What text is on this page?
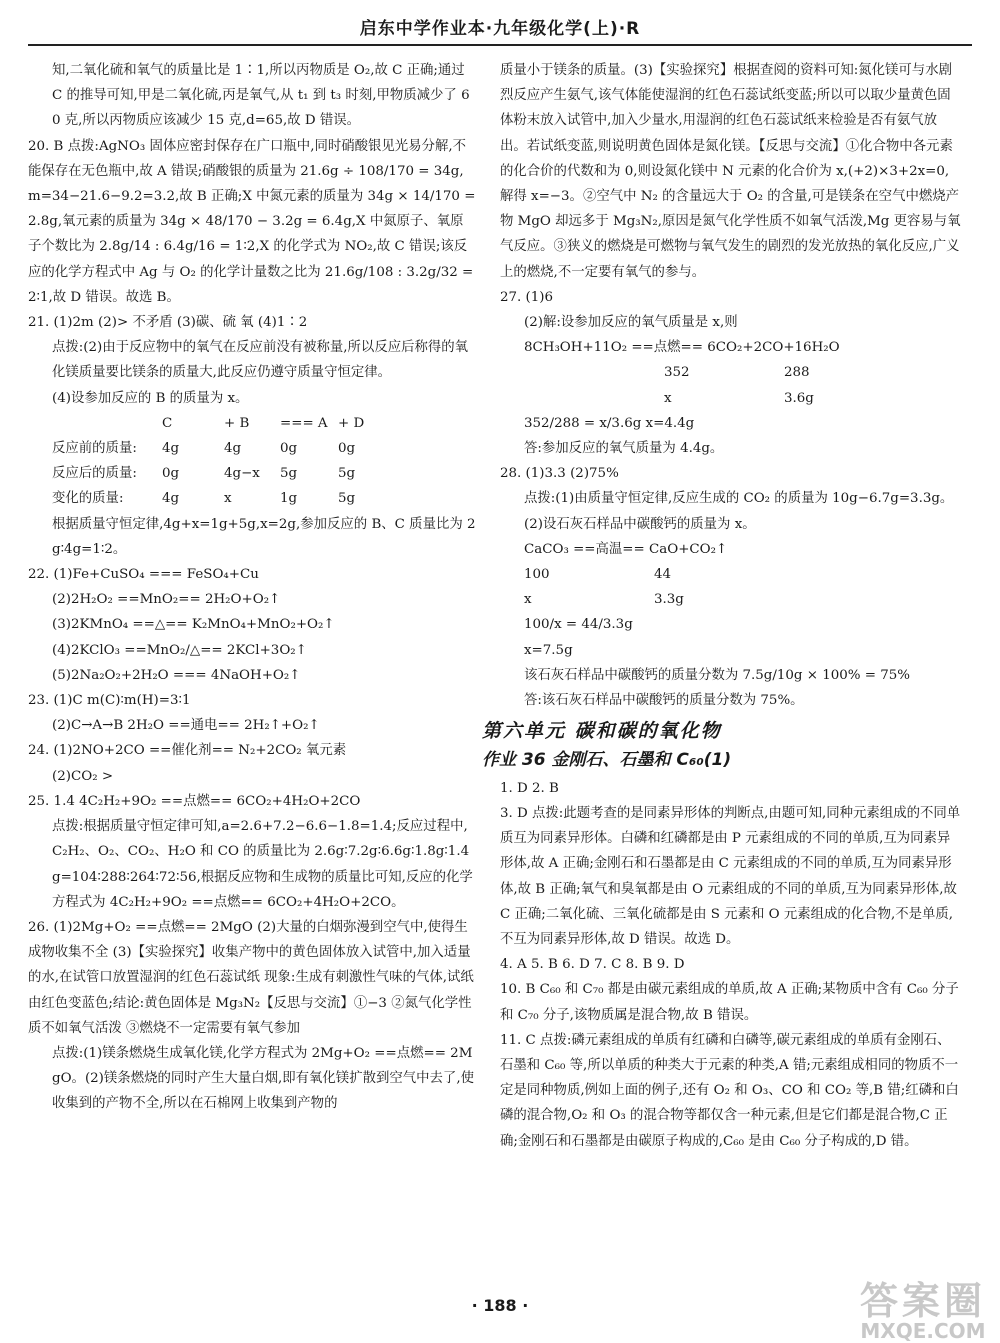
启东中学作业本·九年级化学(上)·R

知,二氧化硫和氧气的质量比是 1∶1,所以丙物质是 O₂,故 C 正确;通过 C 的推导可知,甲是二氧化硫,丙是氧气,从 t₁ 到 t₃ 时刻,甲物质减少了 60 克,所以丙物质应该减少 15 克,d=65,故 D 错误。

20. B 点拨:AgNO₃ 固体应密封保存在广口瓶中,同时硝酸银见光易分解,不能保存在无色瓶中,故 A 错误;硝酸银的质量为 21.6g ÷ 108/170 = 34g,m=34−21.6−9.2=3.2,故 B 正确;X 中氮元素的质量为 34g × 14/170 = 2.8g,氧元素的质量为 34g × 48/170 − 3.2g = 6.4g,X 中氮原子、氧原子个数比为 2.8g/14 : 6.4g/16 = 1∶2,X 的化学式为 NO₂,故 C 错误;该反应的化学方程式中 Ag 与 O₂ 的化学计量数之比为 21.6g/108 : 3.2g/32 = 2∶1,故 D 错误。故选 B。

21. (1)2m (2)> 不矛盾 (3)碳、硫 氧 (4)1∶2

点拨:(2)由于反应物中的氧气在反应前没有被称量,所以反应后称得的氧化镁质量要比镁条的质量大,此反应仍遵守质量守恒定律。

(4)设参加反应的 B 的质量为 x。

C	+ B	=== A + D
反应前的质量:	4g	4g	0g	0g
反应后的质量:	0g	4g−x	5g	5g
变化的质量:	4g	x	1g	5g

根据质量守恒定律,4g+x=1g+5g,x=2g,参加反应的 B、C 质量比为 2g∶4g=1∶2。

22. (1)Fe+CuSO₄ === FeSO₄+Cu

(2)2H₂O₂ ==MnO₂== 2H₂O+O₂↑

(3)2KMnO₄ ==△== K₂MnO₄+MnO₂+O₂↑

(4)2KClO₃ ==MnO₂/△== 2KCl+3O₂↑

(5)2Na₂O₂+2H₂O === 4NaOH+O₂↑

23. (1)C m(C)∶m(H)=3∶1

(2)C→A→B 2H₂O ==通电== 2H₂↑+O₂↑

24. (1)2NO+2CO ==催化剂== N₂+2CO₂ 氧元素

(2)CO₂ >

25. 1.4 4C₂H₂+9O₂ ==点燃== 6CO₂+4H₂O+2CO

点拨:根据质量守恒定律可知,a=2.6+7.2−6.6−1.8=1.4;反应过程中,C₂H₂、O₂、CO₂、H₂O 和 CO 的质量比为 2.6g∶7.2g∶6.6g∶1.8g∶1.4g=104∶288∶264∶72∶56,根据反应物和生成物的质量比可知,反应的化学方程式为 4C₂H₂+9O₂ ==点燃== 6CO₂+4H₂O+2CO。

26. (1)2Mg+O₂ ==点燃== 2MgO (2)大量的白烟弥漫到空气中,使得生成物收集不全 (3)【实验探究】收集产物中的黄色固体放入试管中,加入适量的水,在试管口放置湿润的红色石蕊试纸 现象:生成有刺激性气味的气体,试纸由红色变蓝色;结论:黄色固体是 Mg₃N₂【反思与交流】①−3 ②氮气化学性质不如氧气活泼 ③燃烧不一定需要有氧气参加

点拨:(1)镁条燃烧生成氧化镁,化学方程式为 2Mg+O₂ ==点燃== 2MgO。(2)镁条燃烧的同时产生大量白烟,即有氧化镁扩散到空气中去了,使收集到的产物不全,所以在石棉网上收集到产物的

质量小于镁条的质量。(3)【实验探究】根据查阅的资料可知:氮化镁可与水剧烈反应产生氨气,该气体能使湿润的红色石蕊试纸变蓝;所以可以取少量黄色固体粉末放入试管中,加入少量水,用湿润的红色石蕊试纸来检验是否有氨气放出。若试纸变蓝,则说明黄色固体是氮化镁。【反思与交流】①化合物中各元素的化合价的代数和为 0,则设氮化镁中 N 元素的化合价为 x,(+2)×3+2x=0,解得 x=−3。②空气中 N₂ 的含量远大于 O₂ 的含量,可是镁条在空气中燃烧产物 MgO 却远多于 Mg₃N₂,原因是氮气化学性质不如氧气活泼,Mg 更容易与氧气反应。③狭义的燃烧是可燃物与氧气发生的剧烈的发光放热的氧化反应,广义上的燃烧,不一定要有氧气的参与。

27. (1)6

(2)解:设参加反应的氧气质量是 x,则

8CH₃OH+11O₂ ==点燃== 6CO₂+2CO+16H₂O

352	288
x	3.6g

352/288 = x/3.6g x=4.4g

答:参加反应的氧气质量为 4.4g。

28. (1)3.3 (2)75%

点拨:(1)由质量守恒定律,反应生成的 CO₂ 的质量为 10g−6.7g=3.3g。

(2)设石灰石样品中碳酸钙的质量为 x。

CaCO₃ ==高温== CaO+CO₂↑

100	44
x	3.3g

100/x = 44/3.3g

x=7.5g

该石灰石样品中碳酸钙的质量分数为 7.5g/10g × 100% = 75%

答:该石灰石样品中碳酸钙的质量分数为 75%。

第六单元 碳和碳的氧化物
作业 36 金刚石、石墨和 C₆₀(1)

1. D 2. B

3. D 点拨:此题考查的是同素异形体的判断点,由题可知,同种元素组成的不同单质互为同素异形体。白磷和红磷都是由 P 元素组成的不同的单质,互为同素异形体,故 A 正确;金刚石和石墨都是由 C 元素组成的不同的单质,互为同素异形体,故 B 正确;氧气和臭氧都是由 O 元素组成的不同的单质,互为同素异形体,故 C 正确;二氧化硫、三氧化硫都是由 S 元素和 O 元素组成的化合物,不是单质,不互为同素异形体,故 D 错误。故选 D。

4. A 5. B 6. D 7. C 8. B 9. D

10. B C₆₀ 和 C₇₀ 都是由碳元素组成的单质,故 A 正确;某物质中含有 C₆₀ 分子和 C₇₀ 分子,该物质属是混合物,故 B 错误。

11. C 点拨:磷元素组成的单质有红磷和白磷等,碳元素组成的单质有金刚石、石墨和 C₆₀ 等,所以单质的种类大于元素的种类,A 错;元素组成相同的物质不一定是同种物质,例如上面的例子,还有 O₂ 和 O₃、CO 和 CO₂ 等,B 错;红磷和白磷的混合物,O₂ 和 O₃ 的混合物等都仅含一种元素,但是它们都是混合物,C 正确;金刚石和石墨都是由碳原子构成的,C₆₀ 是由 C₆₀ 分子构成的,D 错。

· 188 ·	答案圈
MXQE.COM
